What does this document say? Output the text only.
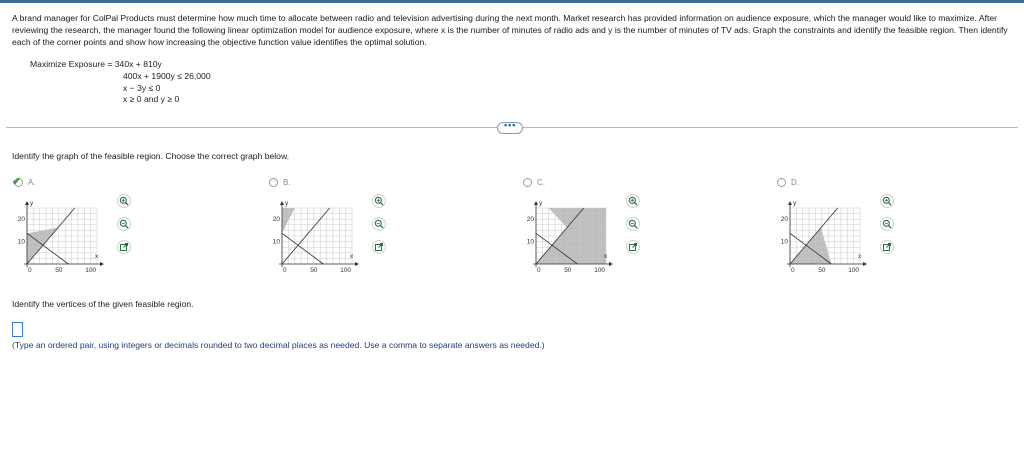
A brand manager for ColPal Products must determine how much time to allocate between radio and television advertising during the next month. Market research has provided information on audience exposure, which the manager would like to maximize. After reviewing the research, the manager found the following linear optimization model for audience exposure, where x is the number of minutes of radio ads and y is the number of minutes of TV ads. Graph the constraints and identify the feasible region. Then identify each of the corner points and show how increasing the objective function value identifies the optimal solution.
Maximize Exposure = 340x + 810y
400x + 1900y ≤ 26,000
x − 3y ≤ 0
x ≥ 0 and y ≥ 0
•••
Identify the graph of the feasible region. Choose the correct graph below.
✔ A.
y
x
20
10
0	50	100
B.
y
x
20
10
0	50	100
C.
y
x
20
10
0	50	100
D.
y
x
20
10
0	50	100
Identify the vertices of the given feasible region.
(Type an ordered pair, using integers or decimals rounded to two decimal places as needed. Use a comma to separate answers as needed.)
